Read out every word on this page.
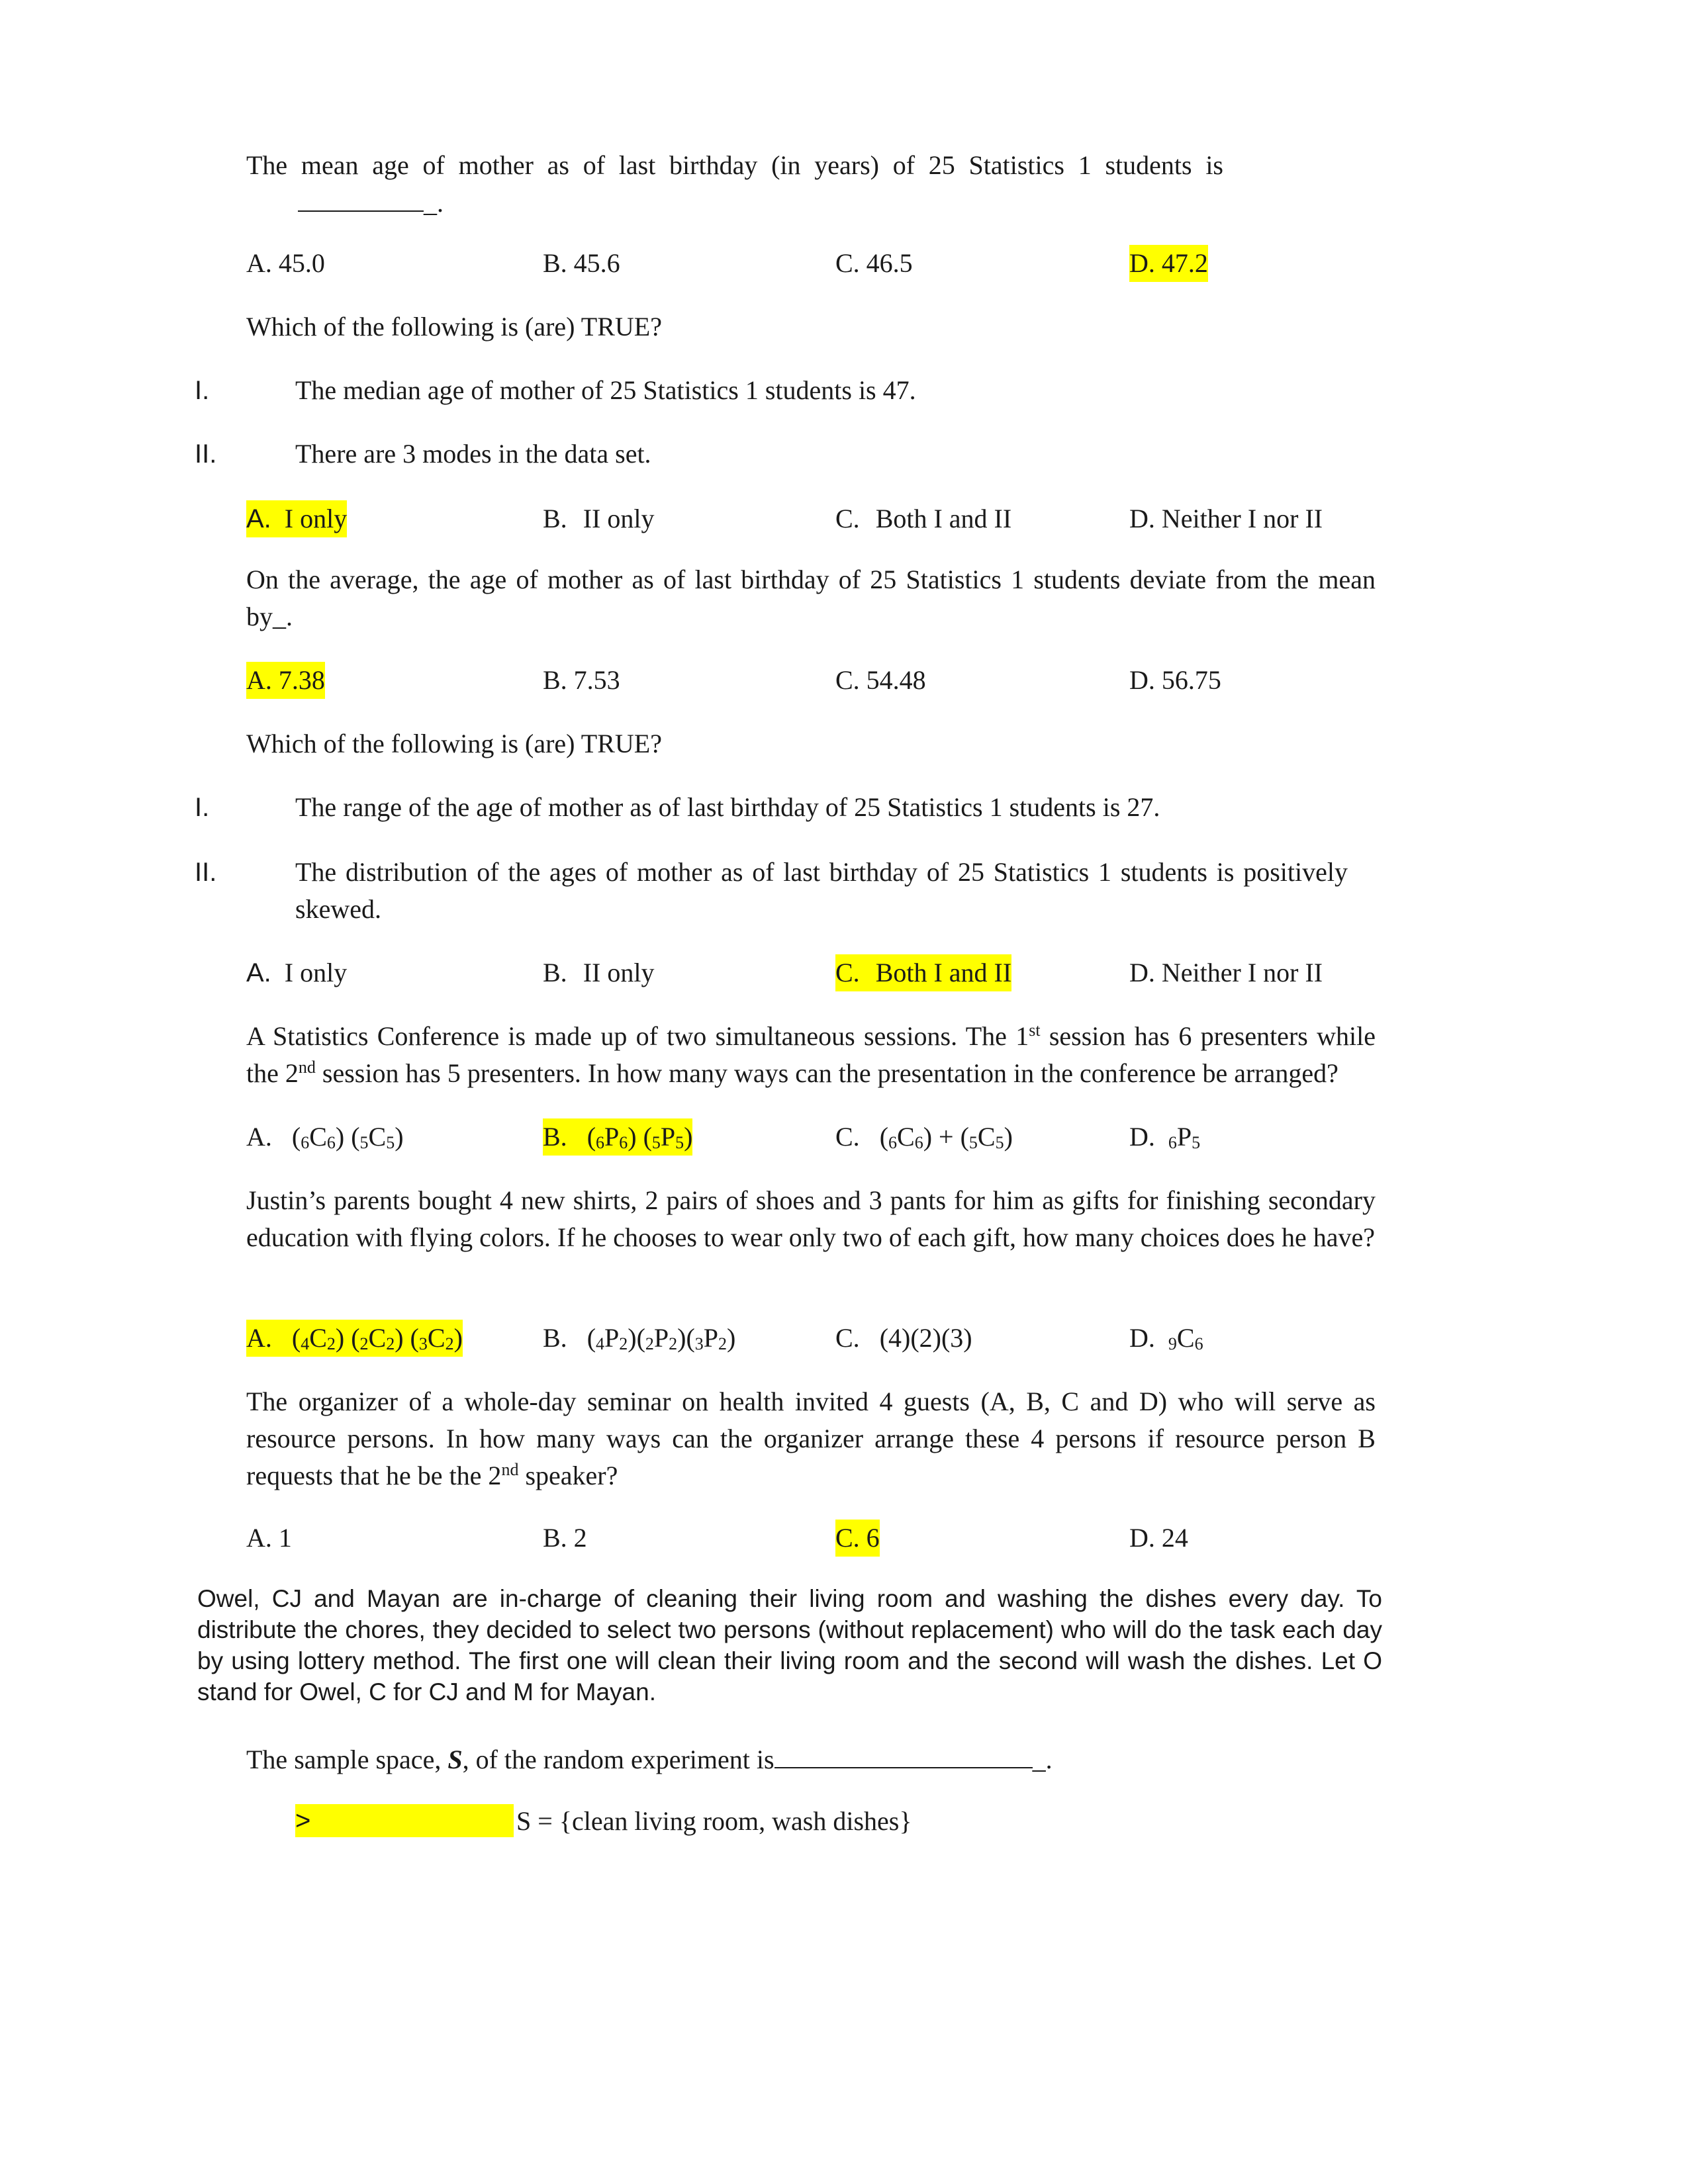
The mean age of mother as of last birthday (in years) of 25 Statistics 1 students is
_.
A. 45.0	B. 45.6	C. 46.5	D. 47.2
Which of the following is (are) TRUE?
I.	The median age of mother of 25 Statistics 1 students is 47.
II.	There are 3 modes in the data set.
A. I only	B. II only	C. Both I and II	D. Neither I nor II
On the average, the age of mother as of last birthday of 25 Statistics 1 students deviate from the mean by_.
A. 7.38	B. 7.53	C. 54.48	D. 56.75
Which of the following is (are) TRUE?
I.	The range of the age of mother as of last birthday of 25 Statistics 1 students is 27.
II.	The distribution of the ages of mother as of last birthday of 25 Statistics 1 students is positively skewed.
A. I only	B. II only	C. Both I and II	D. Neither I nor II
A Statistics Conference is made up of two simultaneous sessions. The 1st session has 6 presenters while the 2nd session has 5 presenters. In how many ways can the presentation in the conference be arranged?
A.   $(_6C_6)$ $(_5C_5)$	B.   $(_6P_6)$ $(_5P_5)$	C.   $(_6C_6) + (_5C_5)$	D. $_6P_5$
Justin’s parents bought 4 new shirts, 2 pairs of shoes and 3 pants for him as gifts for finishing secondary education with flying colors. If he chooses to wear only two of each gift, how many choices does he have?
A.   $(_4C_2)$ $(_2C_2)$ $(_3C_2)$	B.   $(_4P_2)(_2P_2)(_3P_2)$	C. (4)(2)(3)	D. $_9C_6$
The organizer of a whole-day seminar on health invited 4 guests (A, B, C and D) who will serve as resource persons. In how many ways can the organizer arrange these 4 persons if resource person B requests that he be the 2nd speaker?
A. 1	B. 2	C. 6	D. 24
Owel, CJ and Mayan are in-charge of cleaning their living room and washing the dishes every day. To distribute the chores, they decided to select two persons (without replacement) who will do the task each day by using lottery method. The first one will clean their living room and the second will wash the dishes. Let O stand for Owel, C for CJ and M for Mayan.
The sample space, S, of the random experiment is	_.
>	S = {clean living room, wash dishes}
